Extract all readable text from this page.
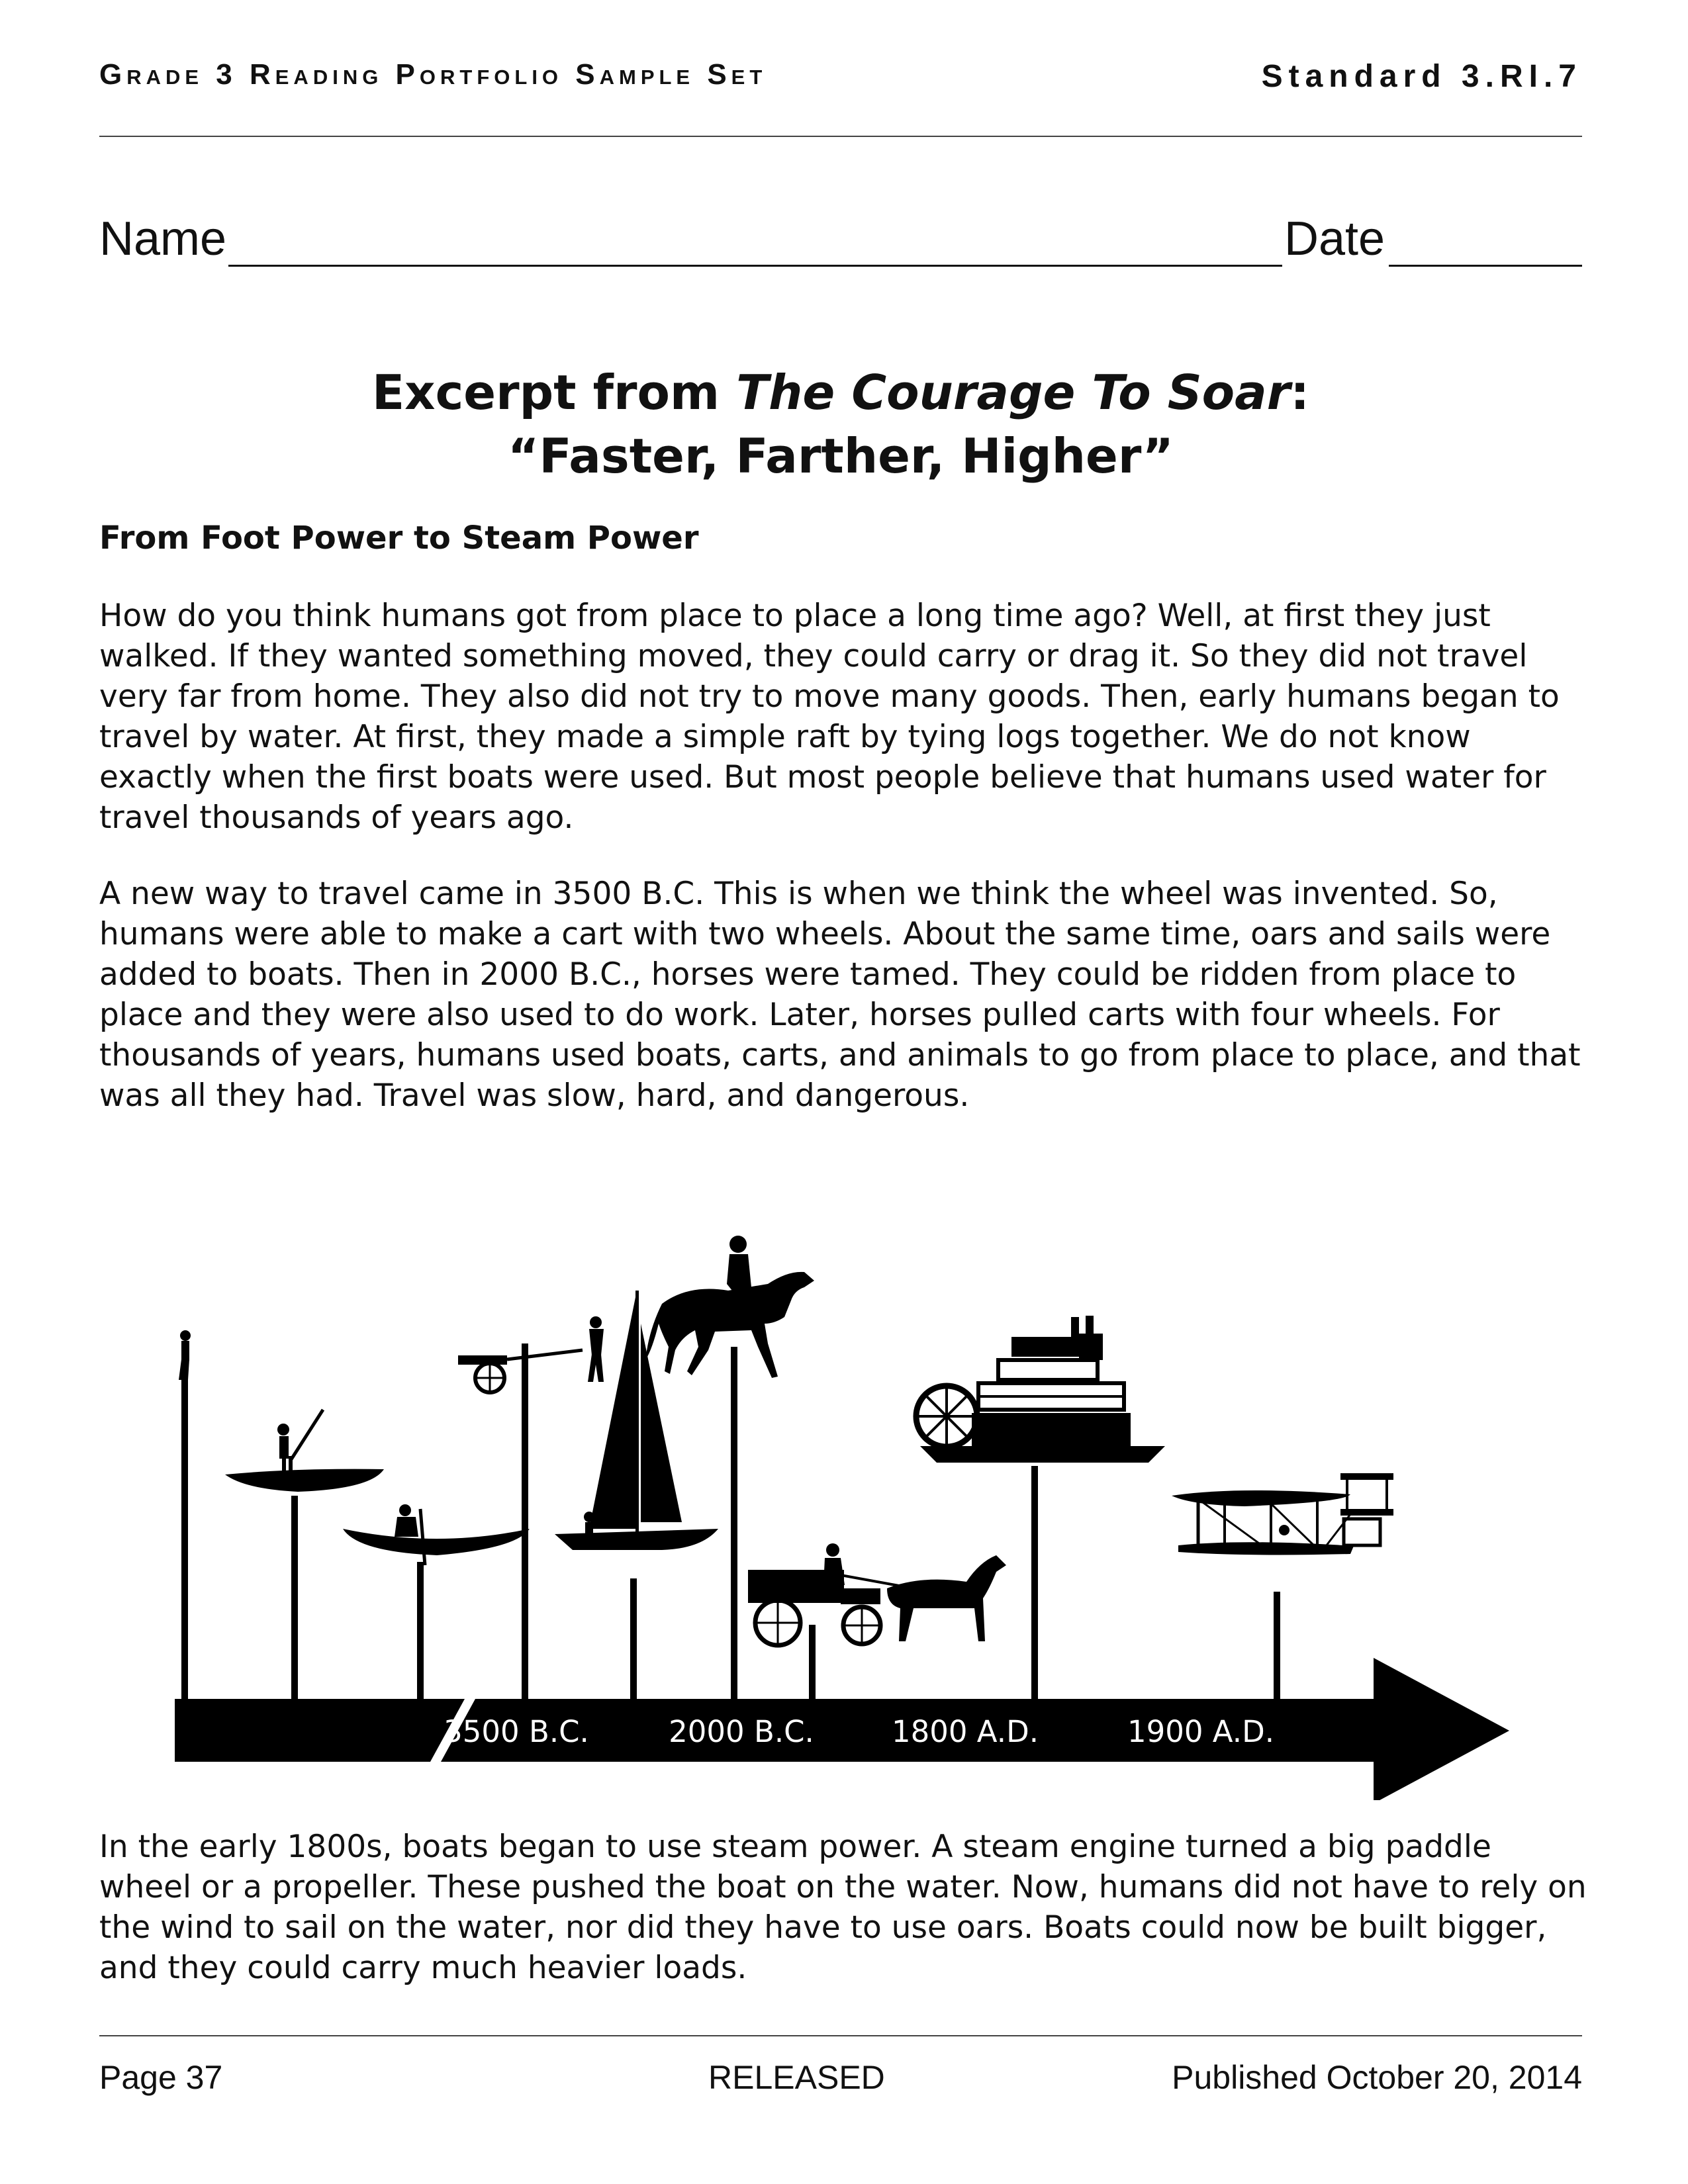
Grade 3 Reading Portfolio Sample Set	Standard 3.RI.7
Name	Date
Excerpt from The Courage To Soar:
“Faster, Farther, Higher”
From Foot Power to Steam Power

How do you think humans got from place to place a long time ago? Well, at first they just walked. If they wanted something moved, they could carry or drag it. So they did not travel very far from home. They also did not try to move many goods. Then, early humans began to travel by water. At first, they made a simple raft by tying logs together. We do not know exactly when the first boats were used. But most people believe that humans used water for travel thousands of years ago.

A new way to travel came in 3500 B.C. This is when we think the wheel was invented. So, humans were able to make a cart with two wheels. About the same time, oars and sails were added to boats. Then in 2000 B.C., horses were tamed. They could be ridden from place to place and they were also used to do work. Later, horses pulled carts with four wheels. For thousands of years, humans used boats, carts, and animals to go from place to place, and that was all they had. Travel was slow, hard, and dangerous.

3500 B.C.	2000 B.C.	1800 A.D.	1900 A.D.

In the early 1800s, boats began to use steam power. A steam engine turned a big paddle wheel or a propeller. These pushed the boat on the water. Now, humans did not have to rely on the wind to sail on the water, nor did they have to use oars. Boats could now be built bigger, and they could carry much heavier loads.

Page 37	RELEASED	Published October 20, 2014
